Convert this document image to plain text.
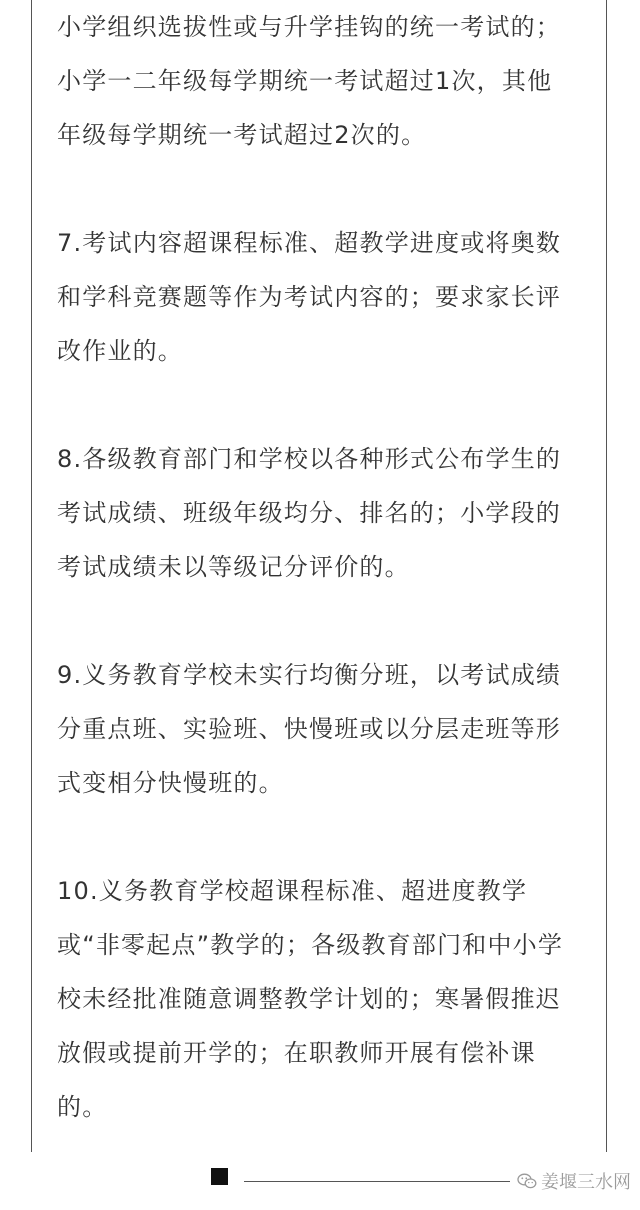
小学组织选拔性或与升学挂钩的统一考试的；

小学一二年级每学期统一考试超过1次，其他

年级每学期统一考试超过2次的。

7.考试内容超课程标准、超教学进度或将奥数

和学科竞赛题等作为考试内容的；要求家长评

改作业的。

8.各级教育部门和学校以各种形式公布学生的

考试成绩、班级年级均分、排名的；小学段的

考试成绩未以等级记分评价的。

9.义务教育学校未实行均衡分班，以考试成绩

分重点班、实验班、快慢班或以分层走班等形

式变相分快慢班的。

10.义务教育学校超课程标准、超进度教学

或“非零起点”教学的；各级教育部门和中小学

校未经批准随意调整教学计划的；寒暑假推迟

放假或提前开学的；在职教师开展有偿补课

的。

姜堰三水网
